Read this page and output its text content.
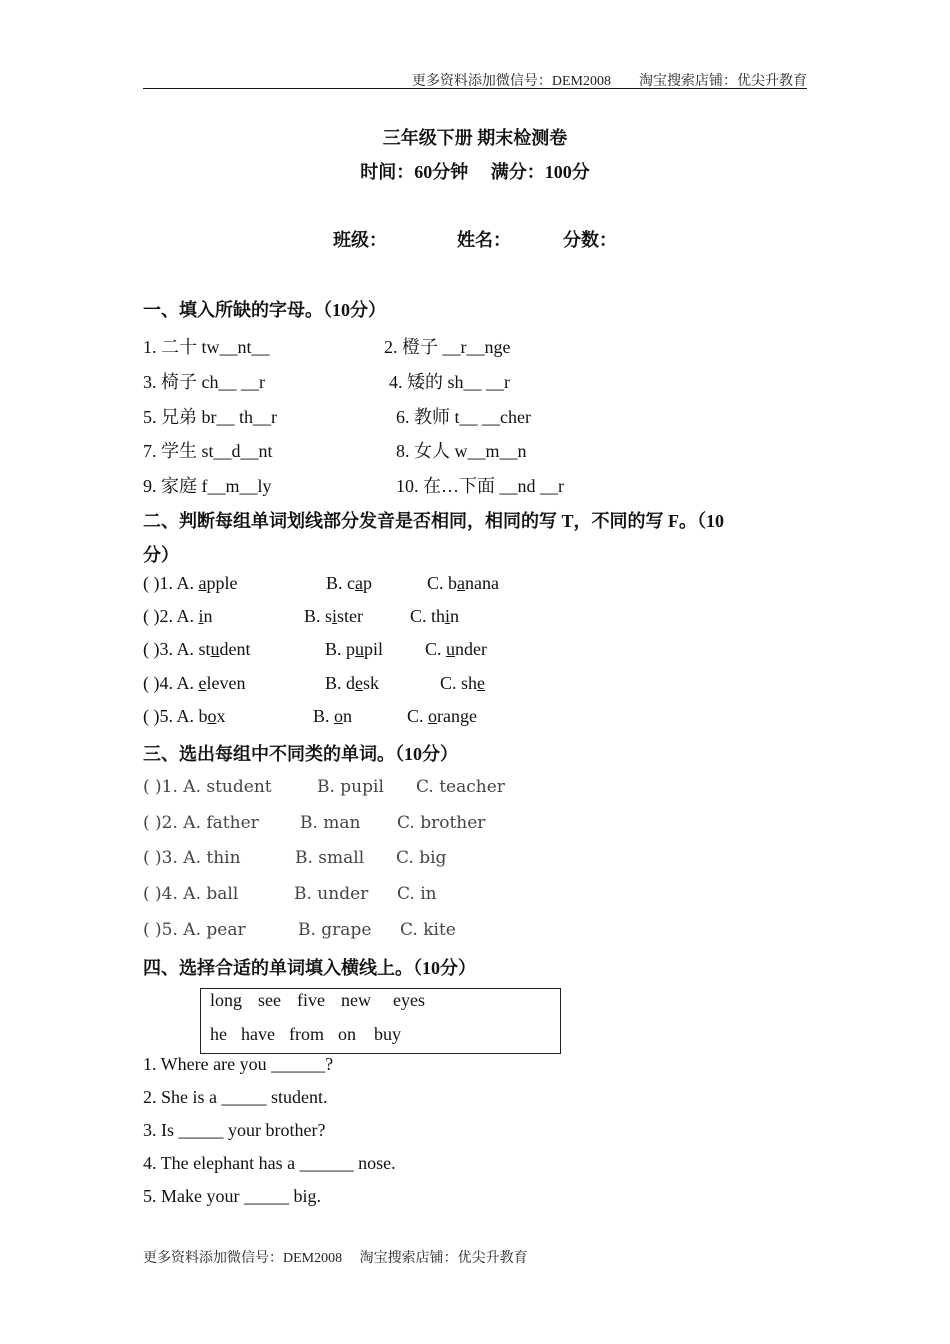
更多资料添加微信号：DEM2008　　淘宝搜索店铺：优尖升教育
三年级下册 期末检测卷
时间：60分钟　 满分：100分
班级：	姓名：	分数：
一、填入所缺的字母。（10分）
1. 二十 tw__nt__	2. 橙子 __r__nge
3. 椅子 ch__ __r	4. 矮的 sh__ __r
5. 兄弟 br__ th__r	6. 教师 t__ __cher
7. 学生 st__d__nt	8. 女人 w__m__n
9. 家庭 f__m__ly	10. 在…下面 __nd __r
二、判断每组单词划线部分发音是否相同，相同的写 T，不同的写 F。（10
分）
( )1. A. apple	B. cap	C. banana
( )2. A. in	B. sister	C. thin
( )3. A. student	B. pupil C. under
( )4. A. eleven	B. desk	C. she
( )5. A. box	B. on	C. orange
三、选出每组中不同类的单词。（10分）
( )1. A. student	B. pupil C. teacher
( )2. A. father B. man C. brother
( )3. A. thin	B. small C. big
( )4. A. ball	B. under C. in
( )5. A. pear	B. grape C. kite
四、选择合适的单词填入横线上。（10分）
long see five new eyes
he have from on buy
1. Where are you ______?
2. She is a _____ student.
3. Is _____ your brother?
4. The elephant has a ______ nose.
5. Make your _____ big.
更多资料添加微信号：DEM2008　 淘宝搜索店铺：优尖升教育
